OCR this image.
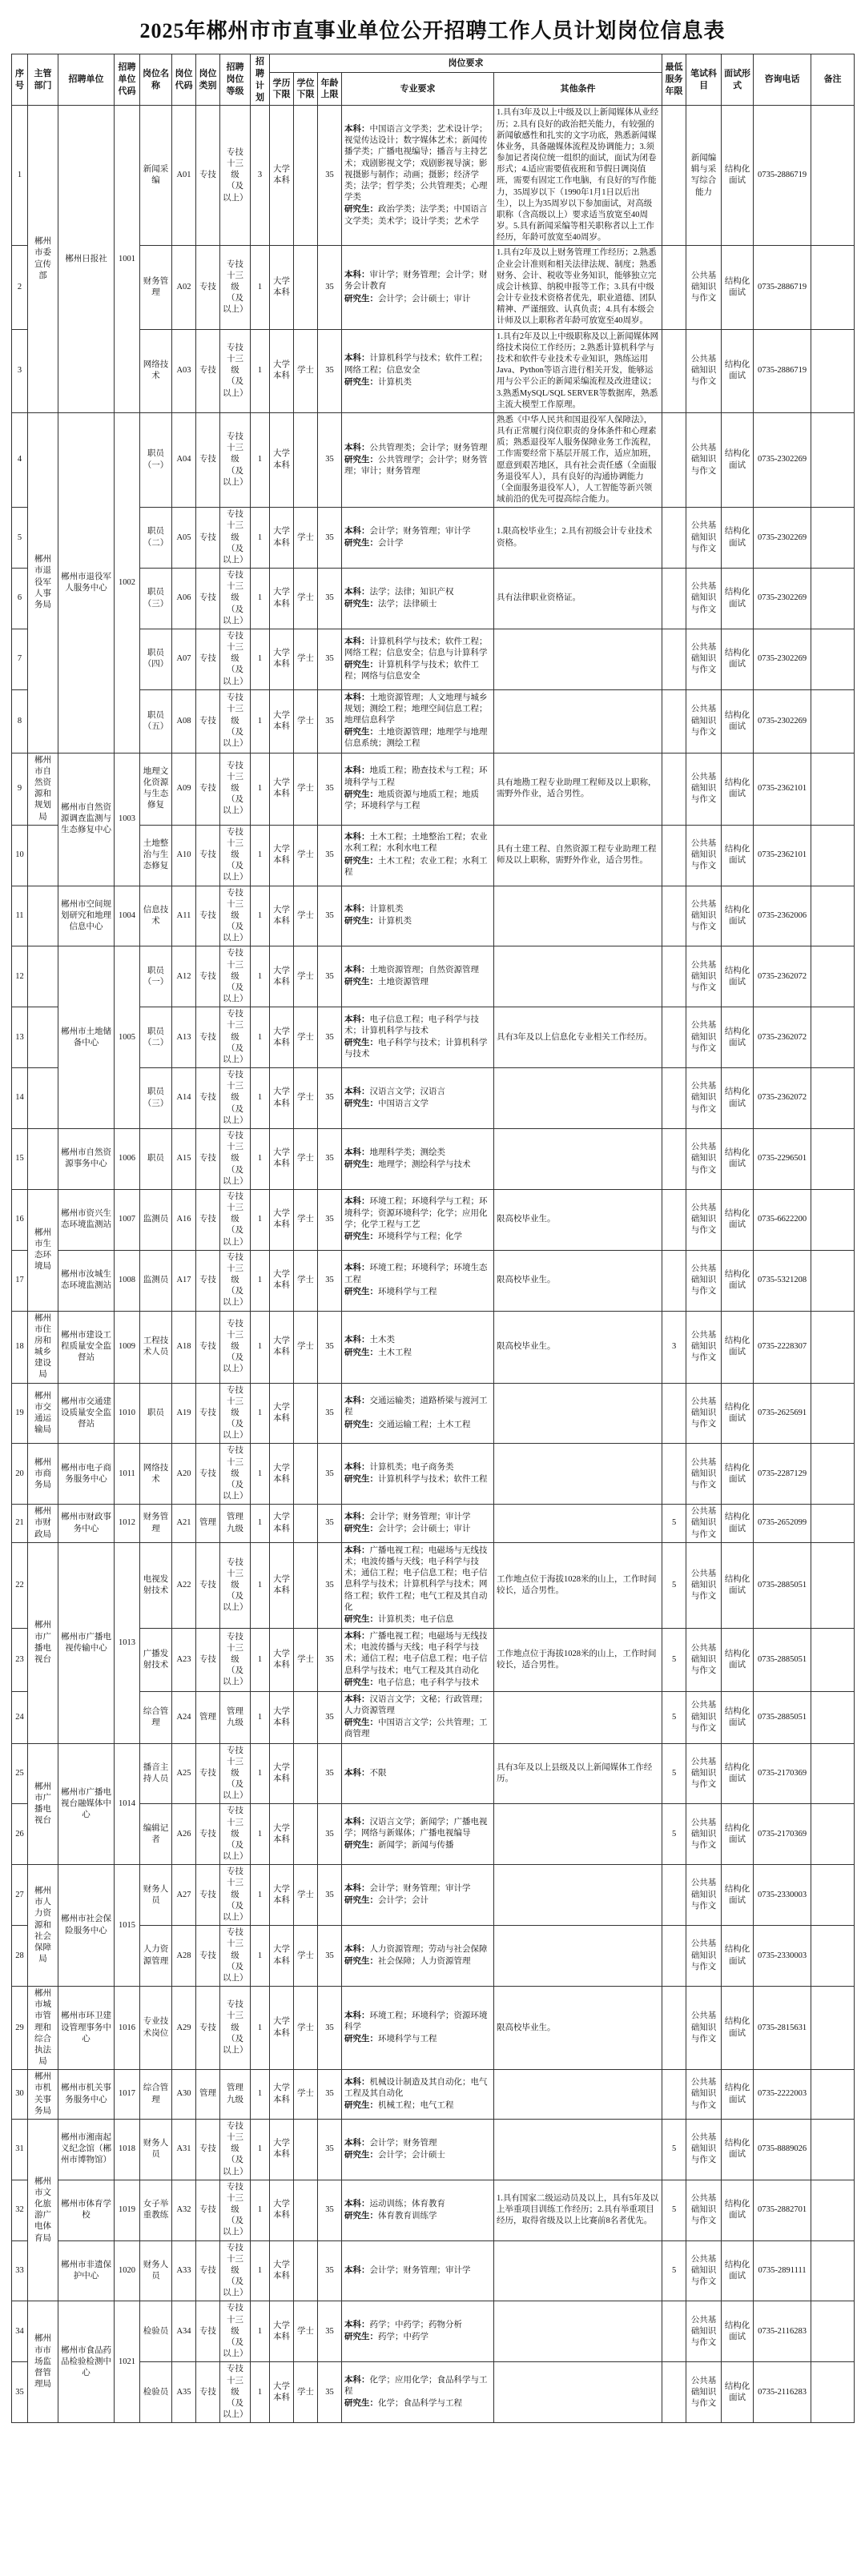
2025年郴州市市直事业单位公开招聘工作人员计划岗位信息表
序号	主管部门	招聘单位	招聘单位代码	岗位名称	岗位代码	岗位类别	招聘岗位等级	招聘计划	岗位要求					最低服务年限	笔试科目	面试形式	咨询电话	备注
									学历下限	学位下限	年龄上限	专业要求	其他条件					
1	郴州市委宣传部	郴州日报社	1001	新闻采编	A01	专技	专技十三级（及以上）	3	大学本科		35	本科：中国语言文学类；艺术设计学；视觉传达设计；数字媒体艺术；新闻传播学类；广播电视编导；播音与主持艺术；戏剧影视文学；戏剧影视导演；影视摄影与制作；动画；摄影；经济学类；法学；哲学类；公共管理类；心理学类
研究生：政治学类；法学类；中国语言文学类；美术学；设计学类；艺术学	1.具有3年及以上中级及以上新闻媒体从业经历；2.具有良好的政治把关能力，有较强的新闻敏感性和扎实的文字功底，熟悉新闻媒体业务，具备融媒体流程及协调能力；3.须参加记者岗位统一组织的面试，面试为闭卷形式；4.适应需要值夜班和节假日调岗值班，需要有固定工作电脑，有良好的写作能力，35周岁以下（1990年1月1日以后出生），以上为35周岁以下参加面试，对高级职称（含高级以上）要求适当放宽至40周岁。5.具有新闻采编等相关职称者以上工作经历，年龄可放宽至40周岁。		新闻编辑与采写综合能力	结构化面试	0735-2886719	
2				财务管理	A02	专技	专技十三级（及以上）	1	大学本科		35	本科：审计学；财务管理；会计学；财务会计教育
研究生：会计学；会计硕士；审计	1.具有2年及以上财务管理工作经历；2.熟悉企业会计准则和相关法律法规、制度；熟悉财务、会计、税收等业务知识，能够独立完成会计核算、纳税申报等工作；3.具有中级会计专业技术资格者优先，职业道德、团队精神、严谨细致、认真负责；4.具有本级会计师及以上职称者年龄可放宽至40周岁。		公共基础知识与作文	结构化面试	0735-2886719	
3				网络技术	A03	专技	专技十三级（及以上）	1	大学本科	学士	35	本科：计算机科学与技术；软件工程；网络工程；信息安全
研究生：计算机类	1.具有2年及以上中级职称及以上新闻媒体网络技术岗位工作经历；2.熟悉计算机科学与技术和软件专业技术专业知识，熟练运用Java、Python等语言进行相关开发，能够运用与公平公正的新闻采编流程及改进建议；3.熟悉MySQL/SQL SERVER等数据库，熟悉主流大模型工作原理。		公共基础知识与作文	结构化面试	0735-2886719	
4	郴州市退役军人事务局	郴州市退役军人服务中心	1002	职员（一）	A04	专技	专技十三级（及以上）	1	大学本科		35	本科：公共管理类；会计学；财务管理
研究生：公共管理学；会计学；财务管理；审计；财务管理	熟悉《中华人民共和国退役军人保障法》，具有正常履行岗位职责的身体条件和心理素质；熟悉退役军人服务保障业务工作流程，工作需要经常下基层开展工作，适应加班，愿意到艰苦地区，具有社会责任感（全面服务退役军人），具有良好的沟通协调能力（全面服务退役军人），人工智能等新兴领域前沿的优先可提高综合能力。		公共基础知识与作文	结构化面试	0735-2302269	
5				职员（二）	A05	专技	专技十三级（及以上）	1	大学本科	学士	35	本科：会计学；财务管理；审计学
研究生：会计学	1.限高校毕业生；2.具有初级会计专业技术资格。		公共基础知识与作文	结构化面试	0735-2302269	
6				职员（三）	A06	专技	专技十三级（及以上）	1	大学本科	学士	35	本科：法学；法律；知识产权
研究生：法学；法律硕士	具有法律职业资格证。		公共基础知识与作文	结构化面试	0735-2302269	
7				职员（四）	A07	专技	专技十三级（及以上）	1	大学本科	学士	35	本科：计算机科学与技术；软件工程；网络工程；信息安全；信息与计算科学
研究生：计算机科学与技术；软件工程；网络与信息安全			公共基础知识与作文	结构化面试	0735-2302269	
8				职员（五）	A08	专技	专技十三级（及以上）	1	大学本科	学士	35	本科：土地资源管理；人文地理与城乡规划；测绘工程；地理空间信息工程；地理信息科学
研究生：土地资源管理；地理学与地理信息系统；测绘工程			公共基础知识与作文	结构化面试	0735-2302269	
9	郴州市自然资源和规划局	郴州市自然资源调查监测与生态修复中心	1003	地理文化资源与生态修复	A09	专技	专技十三级（及以上）	1	大学本科	学士	35	本科：地质工程；勘查技术与工程；环境科学与工程
研究生：地质资源与地质工程；地质学；环境科学与工程	具有地勘工程专业助理工程师及以上职称，需野外作业，适合男性。		公共基础知识与作文	结构化面试	0735-2362101	
10				土地整治与生态修复	A10	专技	专技十三级（及以上）	1	大学本科	学士	35	本科：土木工程；土地整治工程；农业水利工程；水利水电工程
研究生：土木工程；农业工程；水利工程	具有土建工程、自然资源工程专业助理工程师及以上职称，需野外作业，适合男性。		公共基础知识与作文	结构化面试	0735-2362101	
11		郴州市空间规划研究和地理信息中心	1004	信息技术	A11	专技	专技十三级（及以上）	1	大学本科	学士	35	本科：计算机类
研究生：计算机类			公共基础知识与作文	结构化面试	0735-2362006	
12		郴州市土地储备中心	1005	职员（一）	A12	专技	专技十三级（及以上）	1	大学本科	学士	35	本科：土地资源管理；自然资源管理
研究生：土地资源管理			公共基础知识与作文	结构化面试	0735-2362072	
13				职员（二）	A13	专技	专技十三级（及以上）	1	大学本科	学士	35	本科：电子信息工程；电子科学与技术；计算机科学与技术
研究生：电子科学与技术；计算机科学与技术	具有3年及以上信息化专业相关工作经历。		公共基础知识与作文	结构化面试	0735-2362072	
14				职员（三）	A14	专技	专技十三级（及以上）	1	大学本科	学士	35	本科：汉语言文学；汉语言
研究生：中国语言文学			公共基础知识与作文	结构化面试	0735-2362072	
15		郴州市自然资源事务中心	1006	职员	A15	专技	专技十三级（及以上）	1	大学本科	学士	35	本科：地理科学类；测绘类
研究生：地理学；测绘科学与技术			公共基础知识与作文	结构化面试	0735-2296501	
16	郴州市生态环境局	郴州市资兴生态环境监测站	1007	监测员	A16	专技	专技十三级（及以上）	1	大学本科	学士	35	本科：环境工程；环境科学与工程；环境科学；资源环境科学；化学；应用化学；化学工程与工艺
研究生：环境科学与工程；化学	限高校毕业生。		公共基础知识与作文	结构化面试	0735-6622200	
17		郴州市汝城生态环境监测站	1008	监测员	A17	专技	专技十三级（及以上）	1	大学本科	学士	35	本科：环境工程；环境科学；环境生态工程
研究生：环境科学与工程	限高校毕业生。		公共基础知识与作文	结构化面试	0735-5321208	
18	郴州市住房和城乡建设局	郴州市建设工程质量安全监督站	1009	工程技术人员	A18	专技	专技十三级（及以上）	1	大学本科	学士	35	本科：土木类
研究生：土木工程	限高校毕业生。	3	公共基础知识与作文	结构化面试	0735-2228307	
19	郴州市交通运输局	郴州市交通建设质量安全监督站	1010	职员	A19	专技	专技十三级（及以上）	1	大学本科		35	本科：交通运输类；道路桥梁与渡河工程
研究生：交通运输工程；土木工程			公共基础知识与作文	结构化面试	0735-2625691	
20	郴州市商务局	郴州市电子商务服务中心	1011	网络技术	A20	专技	专技十三级（及以上）	1	大学本科		35	本科：计算机类；电子商务类
研究生：计算机科学与技术；软件工程			公共基础知识与作文	结构化面试	0735-2287129	
21	郴州市财政局	郴州市财政事务中心	1012	财务管理	A21	管理	管理九级	1	大学本科		35	本科：会计学；财务管理；审计学
研究生：会计学；会计硕士；审计		5	公共基础知识与作文	结构化面试	0735-2652099	
22	郴州市广播电视台	郴州市广播电视传输中心	1013	电视发射技术	A22	专技	专技十三级（及以上）	1	大学本科		35	本科：广播电视工程；电磁场与无线技术；电波传播与天线；电子科学与技术；通信工程；电子信息工程；电子信息科学与技术；计算机科学与技术；网络工程；软件工程；电气工程及其自动化
研究生：计算机类；电子信息	工作地点位于海拔1028米的山上，工作时间较长，适合男性。	5	公共基础知识与作文	结构化面试	0735-2885051	
23				广播发射技术	A23	专技	专技十三级（及以上）	1	大学本科	学士	35	本科：广播电视工程；电磁场与无线技术；电波传播与天线；电子科学与技术；通信工程；电子信息工程；电子信息科学与技术；电气工程及其自动化
研究生：电子信息；电子科学与技术	工作地点位于海拔1028米的山上，工作时间较长，适合男性。	5	公共基础知识与作文	结构化面试	0735-2885051	
24				综合管理	A24	管理	管理九级	1	大学本科		35	本科：汉语言文学；文秘；行政管理；人力资源管理
研究生：中国语言文学；公共管理；工商管理		5	公共基础知识与作文	结构化面试	0735-2885051	
25	郴州市广播电视台	郴州市广播电视台融媒体中心	1014	播音主持人员	A25	专技	专技十三级（及以上）	1	大学本科		35	本科：不限	具有3年及以上县级及以上新闻媒体工作经历。	5	公共基础知识与作文	结构化面试	0735-2170369	
26				编辑记者	A26	专技	专技十三级（及以上）	1	大学本科		35	本科：汉语言文学；新闻学；广播电视学；网络与新媒体；广播电视编导
研究生：新闻学；新闻与传播		5	公共基础知识与作文	结构化面试	0735-2170369	
27	郴州市人力资源和社会保障局	郴州市社会保险服务中心	1015	财务人员	A27	专技	专技十三级（及以上）	1	大学本科	学士	35	本科：会计学；财务管理；审计学
研究生：会计学；会计			公共基础知识与作文	结构化面试	0735-2330003	
28				人力资源管理	A28	专技	专技十三级（及以上）	1	大学本科	学士	35	本科：人力资源管理；劳动与社会保障
研究生：社会保障；人力资源管理			公共基础知识与作文	结构化面试	0735-2330003	
29	郴州市城市管理和综合执法局	郴州市环卫建设管理事务中心	1016	专业技术岗位	A29	专技	专技十三级（及以上）	1	大学本科	学士	35	本科：环境工程；环境科学；资源环境科学
研究生：环境科学与工程	限高校毕业生。		公共基础知识与作文	结构化面试	0735-2815631	
30	郴州市机关事务局	郴州市机关事务服务中心	1017	综合管理	A30	管理	管理九级	1	大学本科	学士	35	本科：机械设计制造及其自动化；电气工程及其自动化
研究生：机械工程；电气工程			公共基础知识与作文	结构化面试	0735-2222003	
31	郴州市文化旅游广电体育局	郴州市湘南起义纪念馆（郴州市博物馆）	1018	财务人员	A31	专技	专技十三级（及以上）	1	大学本科		35	本科：会计学；财务管理
研究生：会计学；会计硕士		5	公共基础知识与作文	结构化面试	0735-8889026	
32		郴州市体育学校	1019	女子举重教练	A32	专技	专技十三级（及以上）	1	大学本科		35	本科：运动训练；体育教育
研究生：体育教育训练学	1.具有国家二级运动员及以上，具有5年及以上举重项目训练工作经历；2.具有举重项目经历，取得省级及以上比赛前8名者优先。	5	公共基础知识与作文	结构化面试	0735-2882701	
33		郴州市非遗保护中心	1020	财务人员	A33	专技	专技十三级（及以上）	1	大学本科		35	本科：会计学；财务管理；审计学		5	公共基础知识与作文	结构化面试	0735-2891111	
34	郴州市市场监督管理局	郴州市食品药品检验检测中心	1021	检验员	A34	专技	专技十三级（及以上）	1	大学本科	学士	35	本科：药学；中药学；药物分析
研究生：药学；中药学			公共基础知识与作文	结构化面试	0735-2116283	
35				检验员	A35	专技	专技十三级（及以上）	1	大学本科	学士	35	本科：化学；应用化学；食品科学与工程
研究生：化学；食品科学与工程			公共基础知识与作文	结构化面试	0735-2116283	
